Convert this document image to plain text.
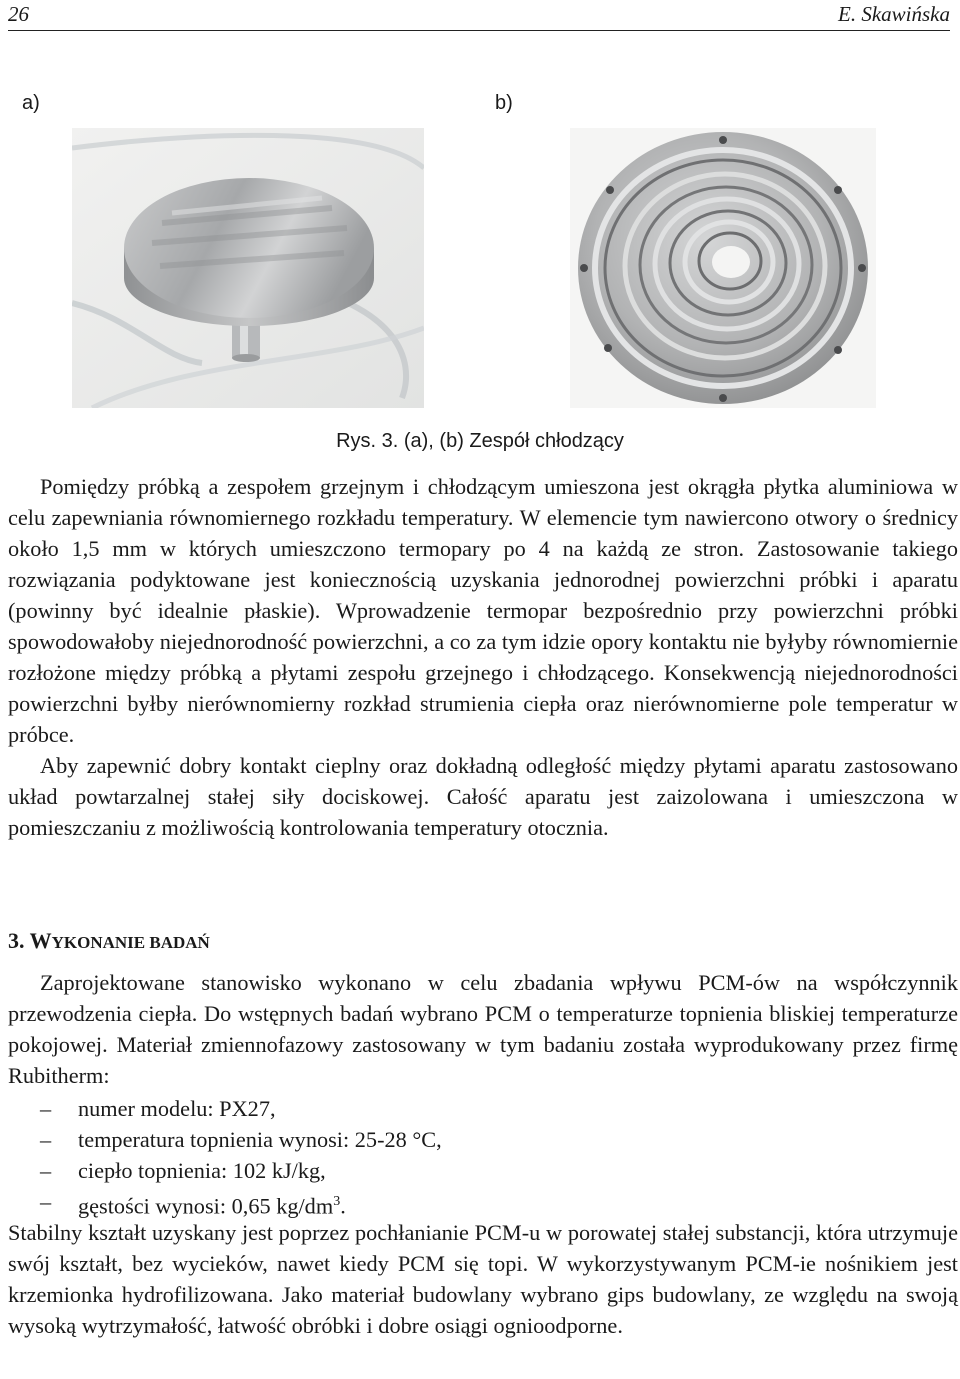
26	E. Skawińska
a)	b)
Rys. 3. (a), (b) Zespół chłodzący

Pomiędzy próbką a zespołem grzejnym i chłodzącym umieszona jest okrągła płytka aluminiowa w celu zapewniania równomiernego rozkładu temperatury. W elemencie tym nawiercono otwory o średnicy około 1,5 mm w których umieszczono termopary po 4 na każdą ze stron. Zastosowanie takiego rozwiązania podyktowane jest koniecznością uzyskania jednorodnej powierzchni próbki i aparatu (powinny być idealnie płaskie). Wprowadzenie termopar bezpośrednio przy powierzchni próbki spowodowałoby niejednorodność powierzchni, a co za tym idzie opory kontaktu nie byłyby równomiernie rozłożone między próbką a płytami zespołu grzejnego i chłodzącego. Konsekwencją niejednorodności powierzchni byłby nierównomierny rozkład strumienia ciepła oraz nierównomierne pole temperatur w próbce.

Aby zapewnić dobry kontakt cieplny oraz dokładną odległość między płytami aparatu zastosowano układ powtarzalnej stałej siły dociskowej. Całość aparatu jest zaizolowana i umieszczona w pomieszczaniu z możliwością kontrolowania temperatury otocznia.

3. WYKONANIE BADAŃ

Zaprojektowane stanowisko wykonano w celu zbadania wpływu PCM-ów na współczynnik przewodzenia ciepła. Do wstępnych badań wybrano PCM o temperaturze topnienia bliskiej temperaturze pokojowej. Materiał zmiennofazowy zastosowany w tym badaniu została wyprodukowany przez firmę Rubitherm:

–	numer modelu: PX27,
–	temperatura topnienia wynosi: 25-28 °C,
–	ciepło topnienia: 102 kJ/kg,
–	gęstości wynosi: 0,65 $kg/dm^3$.

Stabilny kształt uzyskany jest poprzez pochłanianie PCM-u w porowatej stałej substancji, która utrzymuje swój kształt, bez wycieków, nawet kiedy PCM się topi. W wykorzystywanym PCM-ie nośnikiem jest krzemionka hydrofilizowana. Jako materiał budowlany wybrano gips budowlany, ze względu na swoją wysoką wytrzymałość, łatwość obróbki i dobre osiągi ognioodporne.
